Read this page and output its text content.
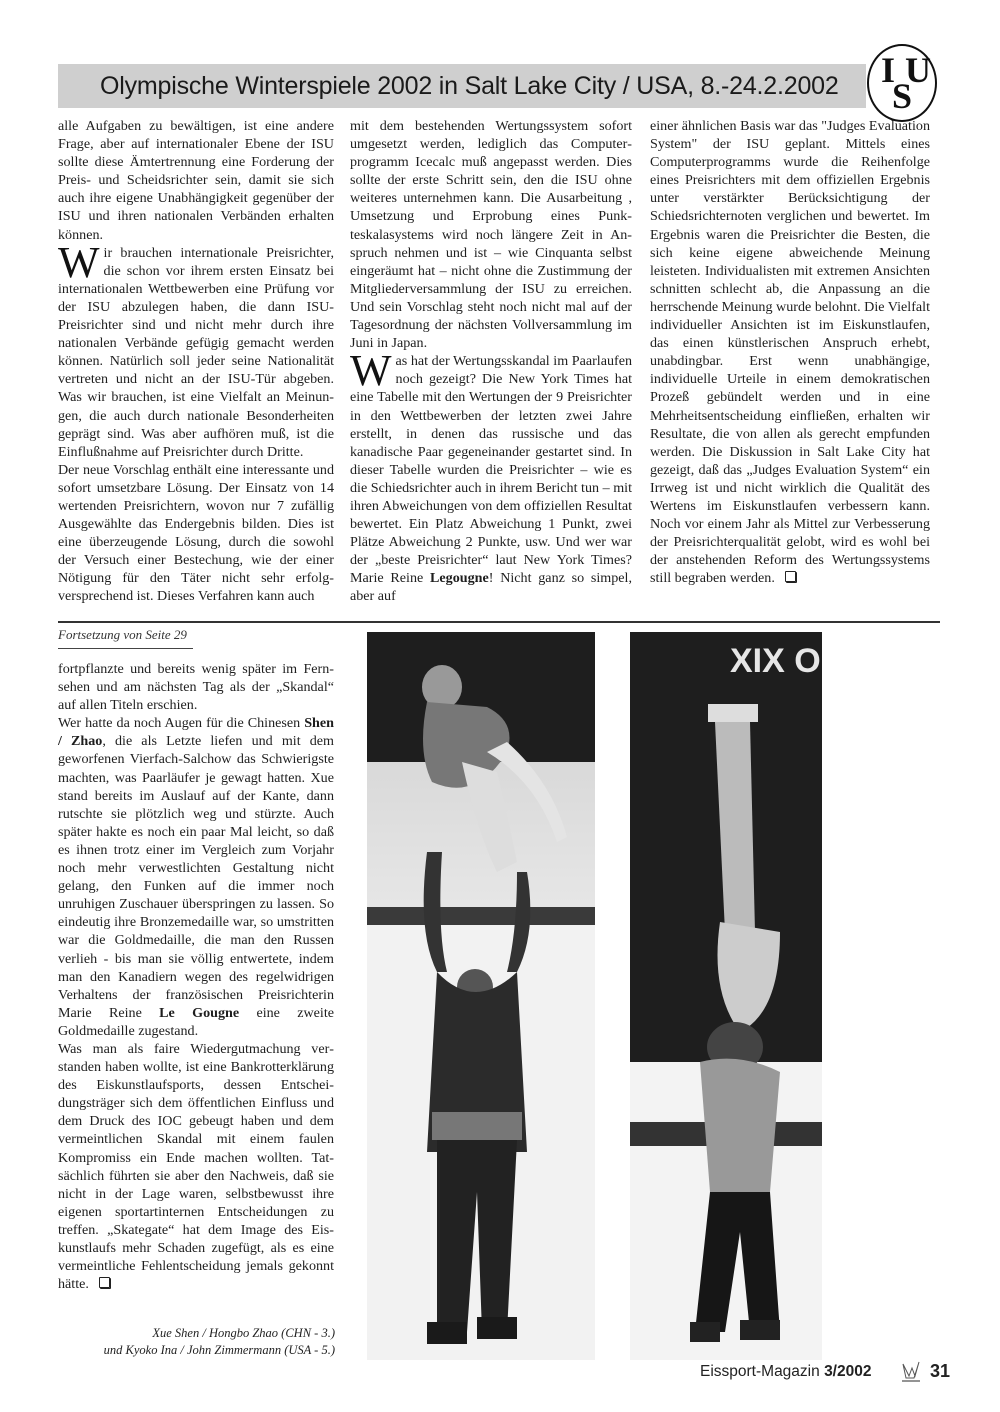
Olympische Winterspiele 2002 in Salt Lake City / USA, 8.-24.2.2002	I
S
U

alle Aufgaben zu bewältigen, ist eine andere Frage, aber auf internationaler Ebene der ISU sollte diese Ämtertrennung eine Forderung der Preis- und Scheidsrichter sein, damit sie sich auch ihre eigene Unabhängigkeit gegenüber der ISU und ihren nationalen Verbänden erhalten können.

Wir brauchen internationale Preisrichter, die schon vor ihrem ersten Einsatz bei internationalen Wettbewerben eine Prüfung vor der ISU abzulegen haben, die dann ISU-Preisrichter sind und nicht mehr durch ihre nationalen Verbände gefügig gemacht werden können. Natürlich soll jeder seine Nationalität vertreten und nicht an der ISU-Tür abgeben. Was wir brauchen, ist eine Vielfalt an Meinungen, die auch durch nationale Besonderheiten geprägt sind. Was aber aufhören muß, ist die Einflußnahme auf Preisrichter durch Dritte.

Der neue Vorschlag enthält eine interessante und sofort umsetzbare Lösung. Der Einsatz von 14 wertenden Preisrichtern, wovon nur 7 zufällig Ausgewählte das Endergebnis bilden. Dies ist eine überzeugende Lösung, durch die sowohl der Versuch einer Bestechung, wie der einer Nötigung für den Täter nicht sehr erfolgversprechend ist. Dieses Verfahren kann auch

mit dem bestehenden Wertungssystem sofort umgesetzt werden, lediglich das Computerprogramm Icecalc muß angepasst werden. Dies sollte der erste Schritt sein, den die ISU ohne weiteres unternehmen kann. Die Ausarbeitung , Umsetzung und Erprobung eines Punkteskalasystems wird noch längere Zeit in Anspruch nehmen und ist – wie Cinquanta selbst eingeräumt hat – nicht ohne die Zustimmung der Mitgliederversammlung der ISU zu erreichen. Und sein Vorschlag steht noch nicht mal auf der Tagesordnung der nächsten Vollversammlung im Juni in Japan.

Was hat der Wertungsskandal im Paarlaufen noch gezeigt? Die New York Times hat eine Tabelle mit den Wertungen der 9 Preisrichter in den Wettbewerben der letzten zwei Jahre erstellt, in denen das russische und das kanadische Paar gegeneinander gestartet sind. In dieser Tabelle wurden die Preisrichter – wie es die Schiedsrichter auch in ihrem Bericht tun – mit ihren Abweichungen von dem offiziellen Resultat bewertet. Ein Platz Abweichung 1 Punkt, zwei Plätze Abweichung 2 Punkte, usw. Und wer war der „beste Preisrichter“ laut New York Times? Marie Reine Legougne! Nicht ganz so simpel, aber auf

einer ähnlichen Basis war das "Judges Evaluation System" der ISU geplant. Mittels eines Computerprogramms wurde die Reihenfolge eines Preisrichters mit dem offiziellen Ergebnis unter verstärkter Berücksichtigung der Schiedsrichternoten verglichen und bewertet. Im Ergebnis waren die Preisrichter die Besten, die sich keine eigene abweichende Meinung leisteten. Individualisten mit extremen Ansichten schnitten schlecht ab, die Anpassung an die herrschende Meinung wurde belohnt. Die Vielfalt individueller Ansichten ist im Eiskunstlaufen, das einen künstlerischen Anspruch erhebt, unabdingbar. Erst wenn unabhängige, individuelle Urteile in einem demokratischen Prozeß gebündelt werden und in eine Mehrheitsentscheidung einfließen, erhalten wir Resultate, die von allen als gerecht empfunden werden. Die Diskussion in Salt Lake City hat gezeigt, daß das „Judges Evaluation System“ ein Irrweg ist und nicht wirklich die Qualität des Wertens im Eiskunstlaufen verbessern kann. Noch vor einem Jahr als Mittel zur Verbesserung der Preisrichterqualität gelobt, wird es wohl bei der anstehenden Reform des Wertungssystems still begraben werden.

Fortsetzung von Seite 29

fortpflanzte und bereits wenig später im Fernsehen und am nächsten Tag als der „Skandal“ auf allen Titeln erschien.

Wer hatte da noch Augen für die Chinesen Shen / Zhao, die als Letzte liefen und mit dem geworfenen Vierfach-Salchow das Schwierigste machten, was Paarläufer je gewagt hatten. Xue stand bereits im Auslauf auf der Kante, dann rutschte sie plötzlich weg und stürzte. Auch später hakte es noch ein paar Mal leicht, so daß es ihnen trotz einer im Vergleich zum Vorjahr noch mehr verwestlichten Gestaltung nicht gelang, den Funken auf die immer noch unruhigen Zuschauer überspringen zu lassen. So eindeutig ihre Bronzemedaille war, so umstritten war die Goldmedaille, die man den Russen verlieh - bis man sie völlig entwertete, indem man den Kanadiern wegen des regelwidrigen Verhaltens der französischen Preisrichterin Marie Reine Le Gougne eine zweite Goldmedaille zugestand.

Was man als faire Wiedergutmachung verstanden haben wollte, ist eine Bankrotterklärung des Eiskunstlaufsports, dessen Entscheidungsträger sich dem öffentlichen Einfluss und dem Druck des IOC gebeugt haben und dem vermeintlichen Skandal mit einem faulen Kompromiss ein Ende machen wollten. Tatsächlich führten sie aber den Nachweis, daß sie nicht in der Lage waren, selbstbewusst ihre eigenen sportartinternen Entscheidungen zu treffen. „Skategate“ hat dem Image des Eiskunstlaufs mehr Schaden zugefügt, als es eine vermeintliche Fehlentscheidung jemals gekonnt hätte.

Xue Shen / Hongbo Zhao (CHN - 3.)
und Kyoko Ina / John Zimmermann (USA - 5.)
XIX O
Eissport-Magazin 3/2002	31
